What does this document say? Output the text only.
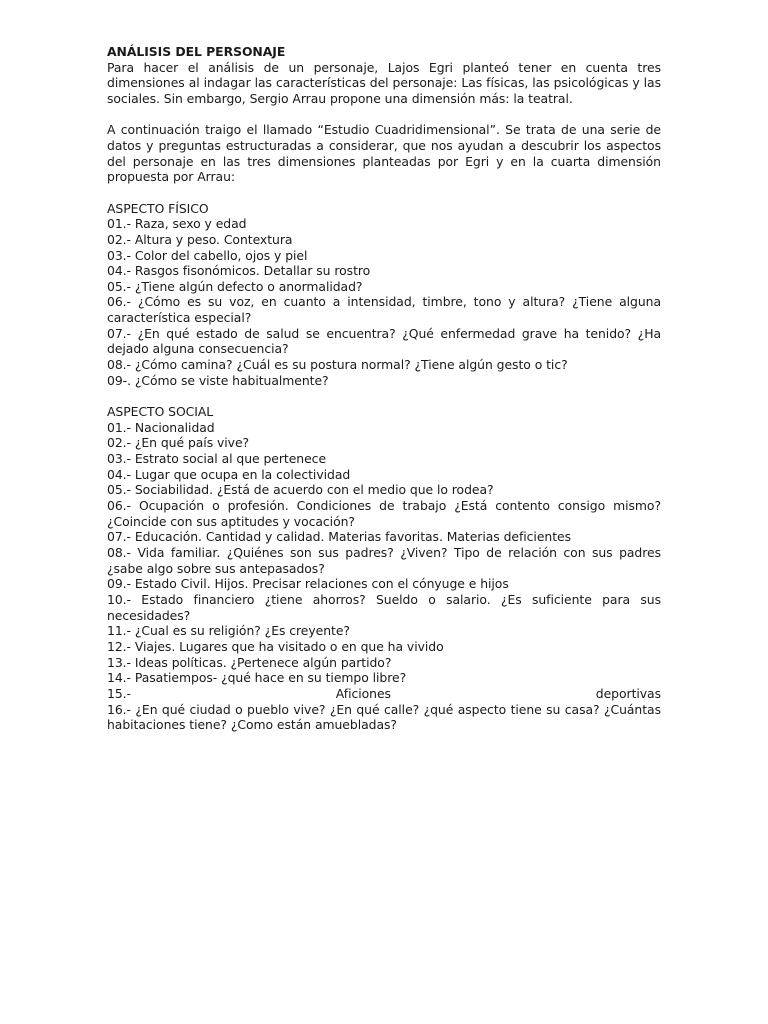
ANÁLISIS DEL PERSONAJE

Para hacer el análisis de un personaje, Lajos Egri planteó tener en cuenta tres dimensiones al indagar las características del personaje: Las físicas, las psicológicas y las sociales. Sin embargo, Sergio Arrau propone una dimensión más: la teatral.

A continuación traigo el llamado “Estudio Cuadridimensional”. Se trata de una serie de datos y preguntas estructuradas a considerar, que nos ayudan a descubrir los aspectos del personaje en las tres dimensiones planteadas por Egri y en la cuarta dimensión propuesta por Arrau:

ASPECTO FÍSICO

01.- Raza, sexo y edad

02.- Altura y peso. Contextura

03.- Color del cabello, ojos y piel

04.- Rasgos fisonómicos. Detallar su rostro

05.- ¿Tiene algún defecto o anormalidad?

06.- ¿Cómo es su voz, en cuanto a intensidad, timbre, tono y altura? ¿Tiene alguna característica especial?

07.- ¿En qué estado de salud se encuentra? ¿Qué enfermedad grave ha tenido? ¿Ha dejado alguna consecuencia?

08.- ¿Cómo camina? ¿Cuál es su postura normal? ¿Tiene algún gesto o tic?

09-. ¿Cómo se viste habitualmente?

ASPECTO SOCIAL

01.- Nacionalidad

02.- ¿En qué país vive?

03.- Estrato social al que pertenece

04.- Lugar que ocupa en la colectividad

05.- Sociabilidad. ¿Está de acuerdo con el medio que lo rodea?

06.- Ocupación o profesión. Condiciones de trabajo ¿Está contento consigo mismo? ¿Coincide con sus aptitudes y vocación?

07.- Educación. Cantidad y calidad. Materias favoritas. Materias deficientes

08.- Vida familiar. ¿Quiénes son sus padres? ¿Viven? Tipo de relación con sus padres ¿sabe algo sobre sus antepasados?

09.- Estado Civil. Hijos. Precisar relaciones con el cónyuge e hijos

10.- Estado financiero ¿tiene ahorros? Sueldo o salario. ¿Es suficiente para sus necesidades?

11.- ¿Cual es su religión? ¿Es creyente?

12.- Viajes. Lugares que ha visitado o en que ha vivido

13.- Ideas políticas. ¿Pertenece algún partido?

14.- Pasatiempos- ¿qué hace en su tiempo libre?

15.- Aficiones deportivas

16.- ¿En qué ciudad o pueblo vive? ¿En qué calle? ¿qué aspecto tiene su casa? ¿Cuántas habitaciones tiene? ¿Como están amuebladas?
